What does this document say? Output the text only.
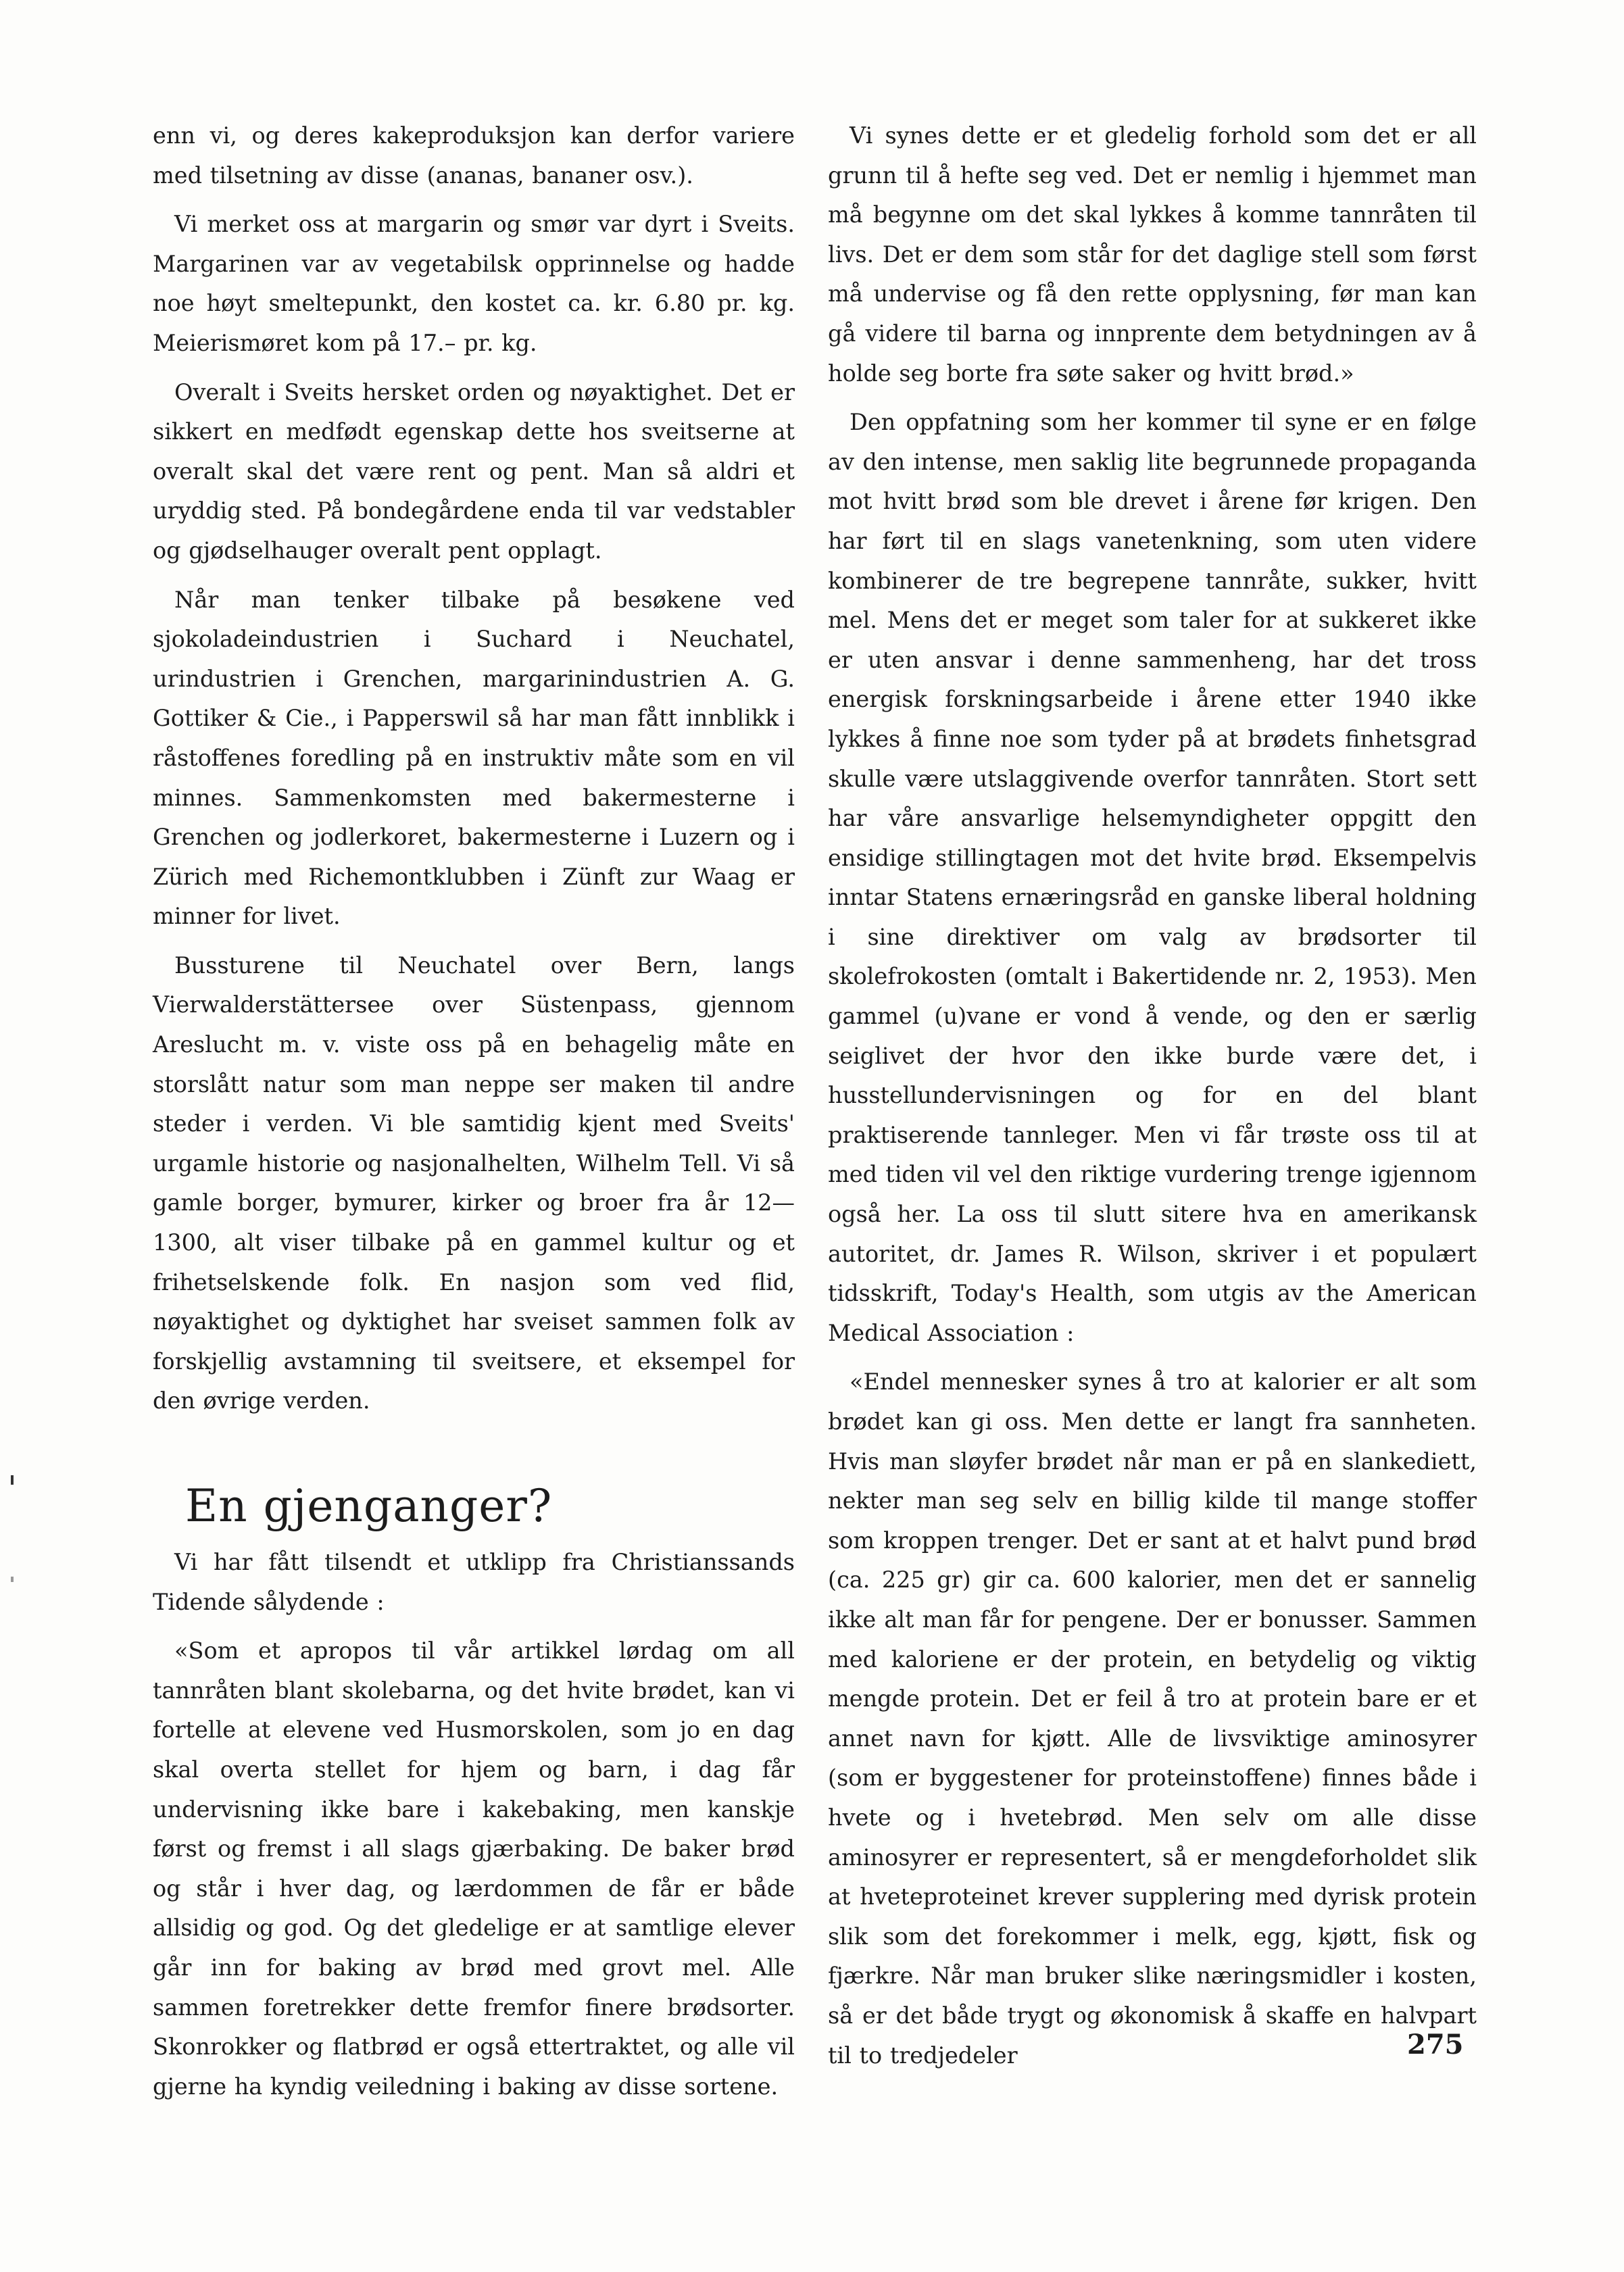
enn vi, og deres kakeproduksjon kan derfor variere med tilsetning av disse (ananas, bananer osv.).

Vi merket oss at margarin og smør var dyrt i Sveits. Margarinen var av vegetabilsk opprinnelse og hadde noe høyt smeltepunkt, den kostet ca. kr. 6.80 pr. kg. Meierismøret kom på 17.– pr. kg.

Overalt i Sveits hersket orden og nøyaktighet. Det er sikkert en medfødt egenskap dette hos sveitserne at overalt skal det være rent og pent. Man så aldri et uryddig sted. På bondegårdene enda til var vedstabler og gjødselhauger overalt pent opplagt.

Når man tenker tilbake på besøkene ved sjokoladeindustrien i Suchard i Neuchatel, urindustrien i Grenchen, margarinindustrien A. G. Gottiker & Cie., i Papperswil så har man fått innblikk i råstoffenes foredling på en instruktiv måte som en vil minnes. Sammenkomsten med bakermesterne i Grenchen og jodlerkoret, bakermesterne i Luzern og i Zürich med Richemontklubben i Zünft zur Waag er minner for livet.

Bussturene til Neuchatel over Bern, langs Vierwalderstättersee over Süstenpass, gjennom Areslucht m. v. viste oss på en behagelig måte en storslått natur som man neppe ser maken til andre steder i verden. Vi ble samtidig kjent med Sveits' urgamle historie og nasjonalhelten, Wilhelm Tell. Vi så gamle borger, bymurer, kirker og broer fra år 12—1300, alt viser tilbake på en gammel kultur og et frihetselskende folk. En nasjon som ved flid, nøyaktighet og dyktighet har sveiset sammen folk av forskjellig avstamning til sveitsere, et eksempel for den øvrige verden.

En gjenganger?

Vi har fått tilsendt et utklipp fra Christianssands Tidende sålydende :

«Som et apropos til vår artikkel lørdag om all tannråten blant skolebarna, og det hvite brødet, kan vi fortelle at elevene ved Husmorskolen, som jo en dag skal overta stellet for hjem og barn, i dag får undervisning ikke bare i kakebaking, men kanskje først og fremst i all slags gjærbaking. De baker brød og står i hver dag, og lærdommen de får er både allsidig og god. Og det gledelige er at samtlige elever går inn for baking av brød med grovt mel. Alle sammen foretrekker dette fremfor finere brødsorter. Skonrokker og flatbrød er også ettertraktet, og alle vil gjerne ha kyndig veiledning i baking av disse sortene.

Vi synes dette er et gledelig forhold som det er all grunn til å hefte seg ved. Det er nemlig i hjemmet man må begynne om det skal lykkes å komme tannråten til livs. Det er dem som står for det daglige stell som først må undervise og få den rette opplysning, før man kan gå videre til barna og innprente dem betydningen av å holde seg borte fra søte saker og hvitt brød.»

Den oppfatning som her kommer til syne er en følge av den intense, men saklig lite begrunnede propaganda mot hvitt brød som ble drevet i årene før krigen. Den har ført til en slags vanetenkning, som uten videre kombinerer de tre begrepene tannråte, sukker, hvitt mel. Mens det er meget som taler for at sukkeret ikke er uten ansvar i denne sammenheng, har det tross energisk forskningsarbeide i årene etter 1940 ikke lykkes å finne noe som tyder på at brødets finhetsgrad skulle være utslaggivende overfor tannråten. Stort sett har våre ansvarlige helsemyndigheter oppgitt den ensidige stillingtagen mot det hvite brød. Eksempelvis inntar Statens ernæringsråd en ganske liberal holdning i sine direktiver om valg av brødsorter til skolefrokosten (omtalt i Bakertidende nr. 2, 1953). Men gammel (u)vane er vond å vende, og den er særlig seiglivet der hvor den ikke burde være det, i husstellundervisningen og for en del blant praktiserende tannleger. Men vi får trøste oss til at med tiden vil vel den riktige vurdering trenge igjennom også her. La oss til slutt sitere hva en amerikansk autoritet, dr. James R. Wilson, skriver i et populært tidsskrift, Today's Health, som utgis av the American Medical Association :

«Endel mennesker synes å tro at kalorier er alt som brødet kan gi oss. Men dette er langt fra sannheten. Hvis man sløyfer brødet når man er på en slankediett, nekter man seg selv en billig kilde til mange stoffer som kroppen trenger. Det er sant at et halvt pund brød (ca. 225 gr) gir ca. 600 kalorier, men det er sannelig ikke alt man får for pengene. Der er bonusser. Sammen med kaloriene er der protein, en betydelig og viktig mengde protein. Det er feil å tro at protein bare er et annet navn for kjøtt. Alle de livsviktige aminosyrer (som er byggestener for proteinstoffene) finnes både i hvete og i hvetebrød. Men selv om alle disse aminosyrer er representert, så er mengdeforholdet slik at hveteproteinet krever supplering med dyrisk protein slik som det forekommer i melk, egg, kjøtt, fisk og fjærkre. Når man bruker slike næringsmidler i kosten, så er det både trygt og økonomisk å skaffe en halvpart til to tredjedeler	275
